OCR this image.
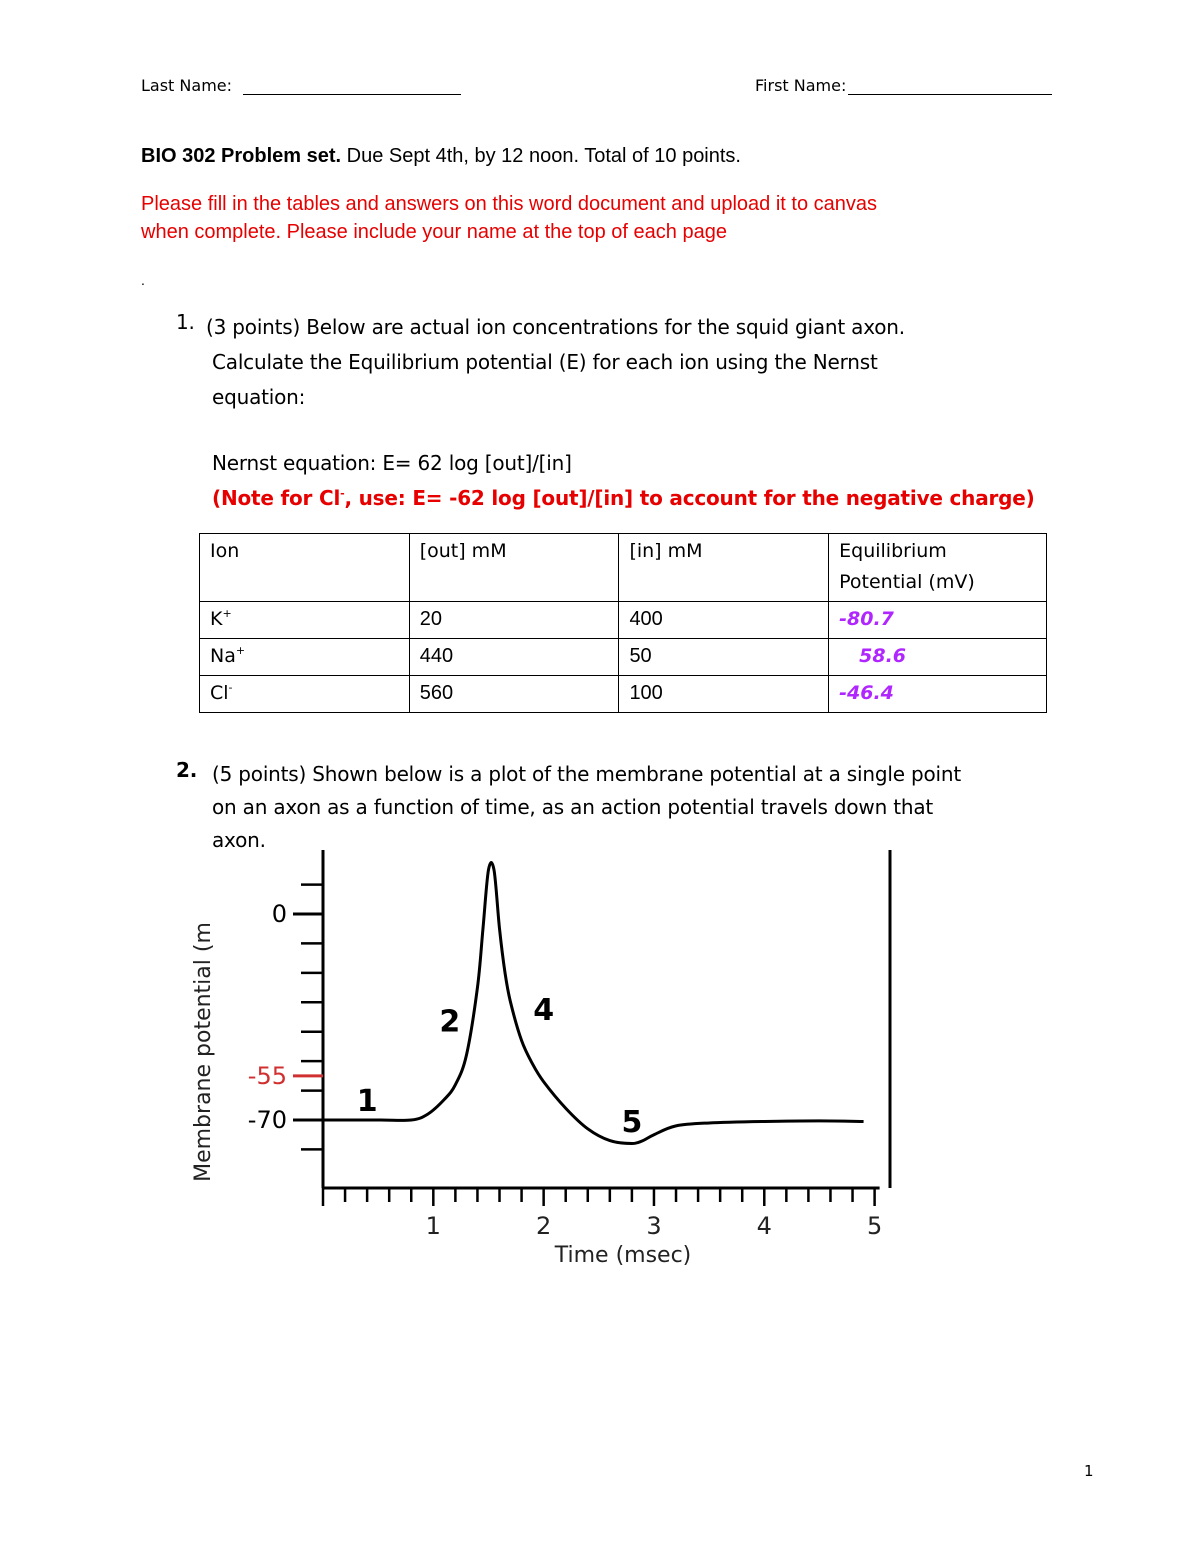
Last Name:	First Name:
BIO 302 Problem set. Due Sept 4th, by 12 noon. Total of 10 points.
Please fill in the tables and answers on this word document and upload it to canvas
when complete. Please include your name at the top of each page
.
1. (3 points) Below are actual ion concentrations for the squid giant axon.
Calculate the Equilibrium potential (E) for each ion using the Nernst
equation:
Nernst equation: E= 62 log [out]/[in]
(Note for Cl-, use: E= -62 log [out]/[in] to account for the negative charge)
Ion	[out] mM	[in] mM	Equilibrium
Potential (mV)

K+	20	400	-80.7
Na+	440	50	58.6
Cl-	560	100	-46.4
2. (5 points) Shown below is a plot of the membrane potential at a single point
on an axon as a function of time, as an action potential travels down that
axon.
0
-55
-70
1	2	3	4	5
Membrane potential (m
Time (msec)
1
2 4
5
1
